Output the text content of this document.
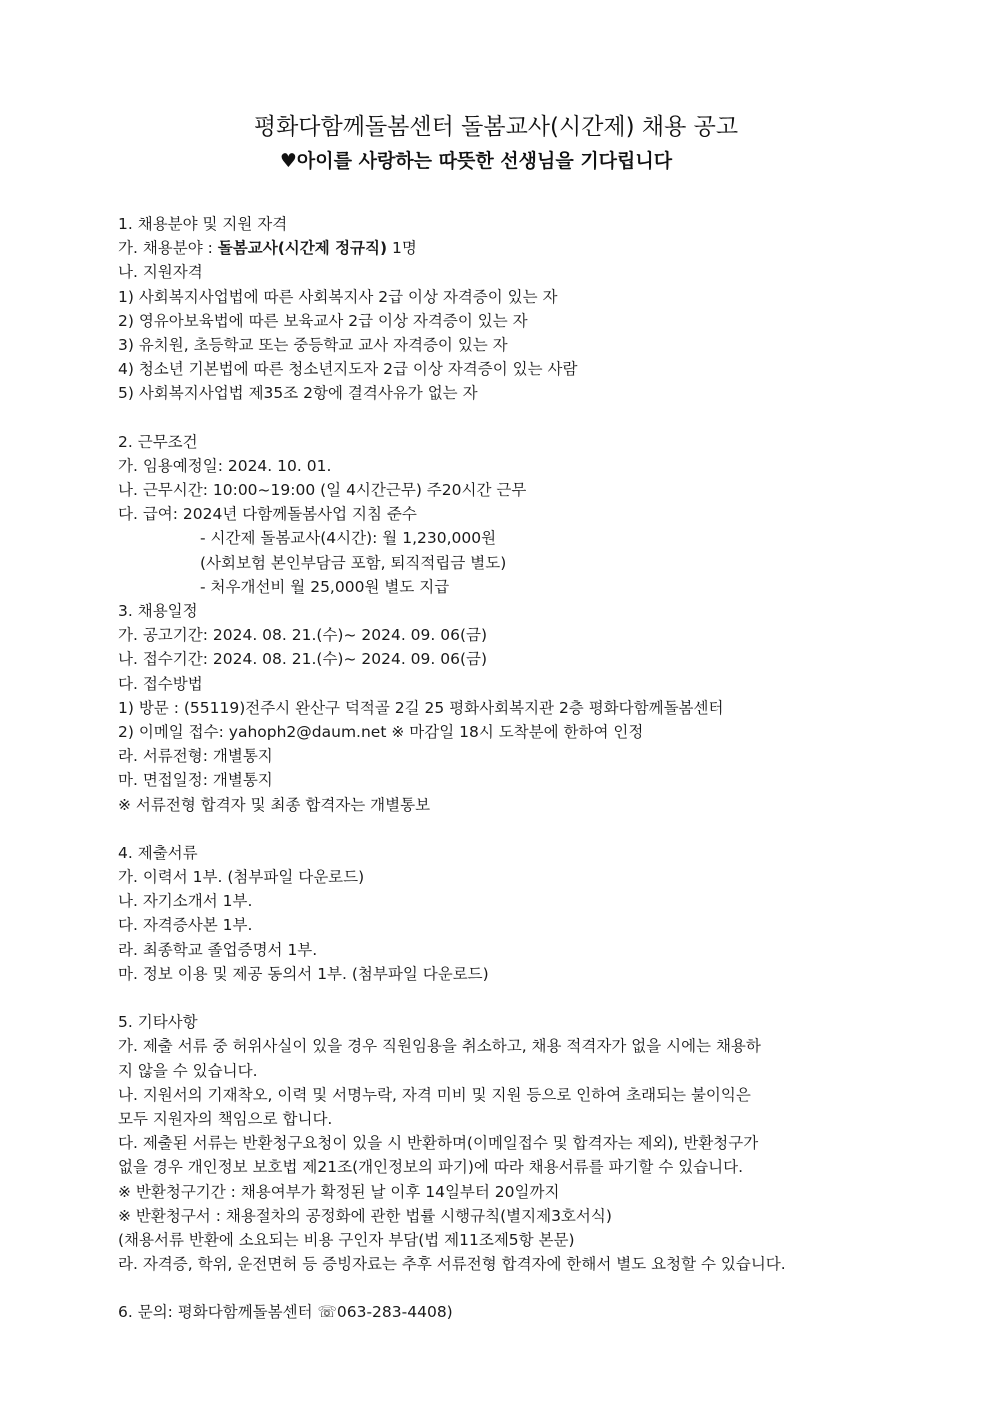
평화다함께돌봄센터 돌봄교사(시간제) 채용 공고
♥아이를 사랑하는 따뜻한 선생님을 기다립니다
1. 채용분야 및 지원 자격
가. 채용분야 : 돌봄교사(시간제 정규직) 1명
나. 지원자격
1) 사회복지사업법에 따른 사회복지사 2급 이상 자격증이 있는 자
2) 영유아보육법에 따른 보육교사 2급 이상 자격증이 있는 자
3) 유치원, 초등학교 또는 중등학교 교사 자격증이 있는 자
4) 청소년 기본법에 따른 청소년지도자 2급 이상 자격증이 있는 사람
5) 사회복지사업법 제35조 2항에 결격사유가 없는 자
2. 근무조건
가. 임용예정일: 2024. 10. 01.
나. 근무시간: 10:00~19:00 (일 4시간근무) 주20시간 근무
다. 급여: 2024년 다함께돌봄사업 지침 준수
- 시간제 돌봄교사(4시간): 월 1,230,000원
(사회보험 본인부담금 포함, 퇴직적립금 별도)
- 처우개선비 월 25,000원 별도 지급
3. 채용일정
가. 공고기간: 2024. 08. 21.(수)~ 2024. 09. 06(금)
나. 접수기간: 2024. 08. 21.(수)~ 2024. 09. 06(금)
다. 접수방법
1) 방문 : (55119)전주시 완산구 덕적골 2길 25 평화사회복지관 2층 평화다함께돌봄센터
2) 이메일 접수: yahoph2@daum.net ※ 마감일 18시 도착분에 한하여 인정
라. 서류전형: 개별통지
마. 면접일정: 개별통지
※ 서류전형 합격자 및 최종 합격자는 개별통보
4. 제출서류
가. 이력서 1부. (첨부파일 다운로드)
나. 자기소개서 1부.
다. 자격증사본 1부.
라. 최종학교 졸업증명서 1부.
마. 정보 이용 및 제공 동의서 1부. (첨부파일 다운로드)
5. 기타사항
가. 제출 서류 중 허위사실이 있을 경우 직원임용을 취소하고, 채용 적격자가 없을 시에는 채용하
지 않을 수 있습니다.
나. 지원서의 기재착오, 이력 및 서명누락, 자격 미비 및 지원 등으로 인하여 초래되는 불이익은
모두 지원자의 책임으로 합니다.
다. 제출된 서류는 반환청구요청이 있을 시 반환하며(이메일접수 및 합격자는 제외), 반환청구가
없을 경우 개인정보 보호법 제21조(개인정보의 파기)에 따라 채용서류를 파기할 수 있습니다.
※ 반환청구기간 : 채용여부가 확정된 날 이후 14일부터 20일까지
※ 반환청구서 : 채용절차의 공정화에 관한 법률 시행규칙(별지제3호서식)
(채용서류 반환에 소요되는 비용 구인자 부담(법 제11조제5항 본문)
라. 자격증, 학위, 운전면허 등 증빙자료는 추후 서류전형 합격자에 한해서 별도 요청할 수 있습니다.
6. 문의: 평화다함께돌봄센터 ☏063-283-4408)
